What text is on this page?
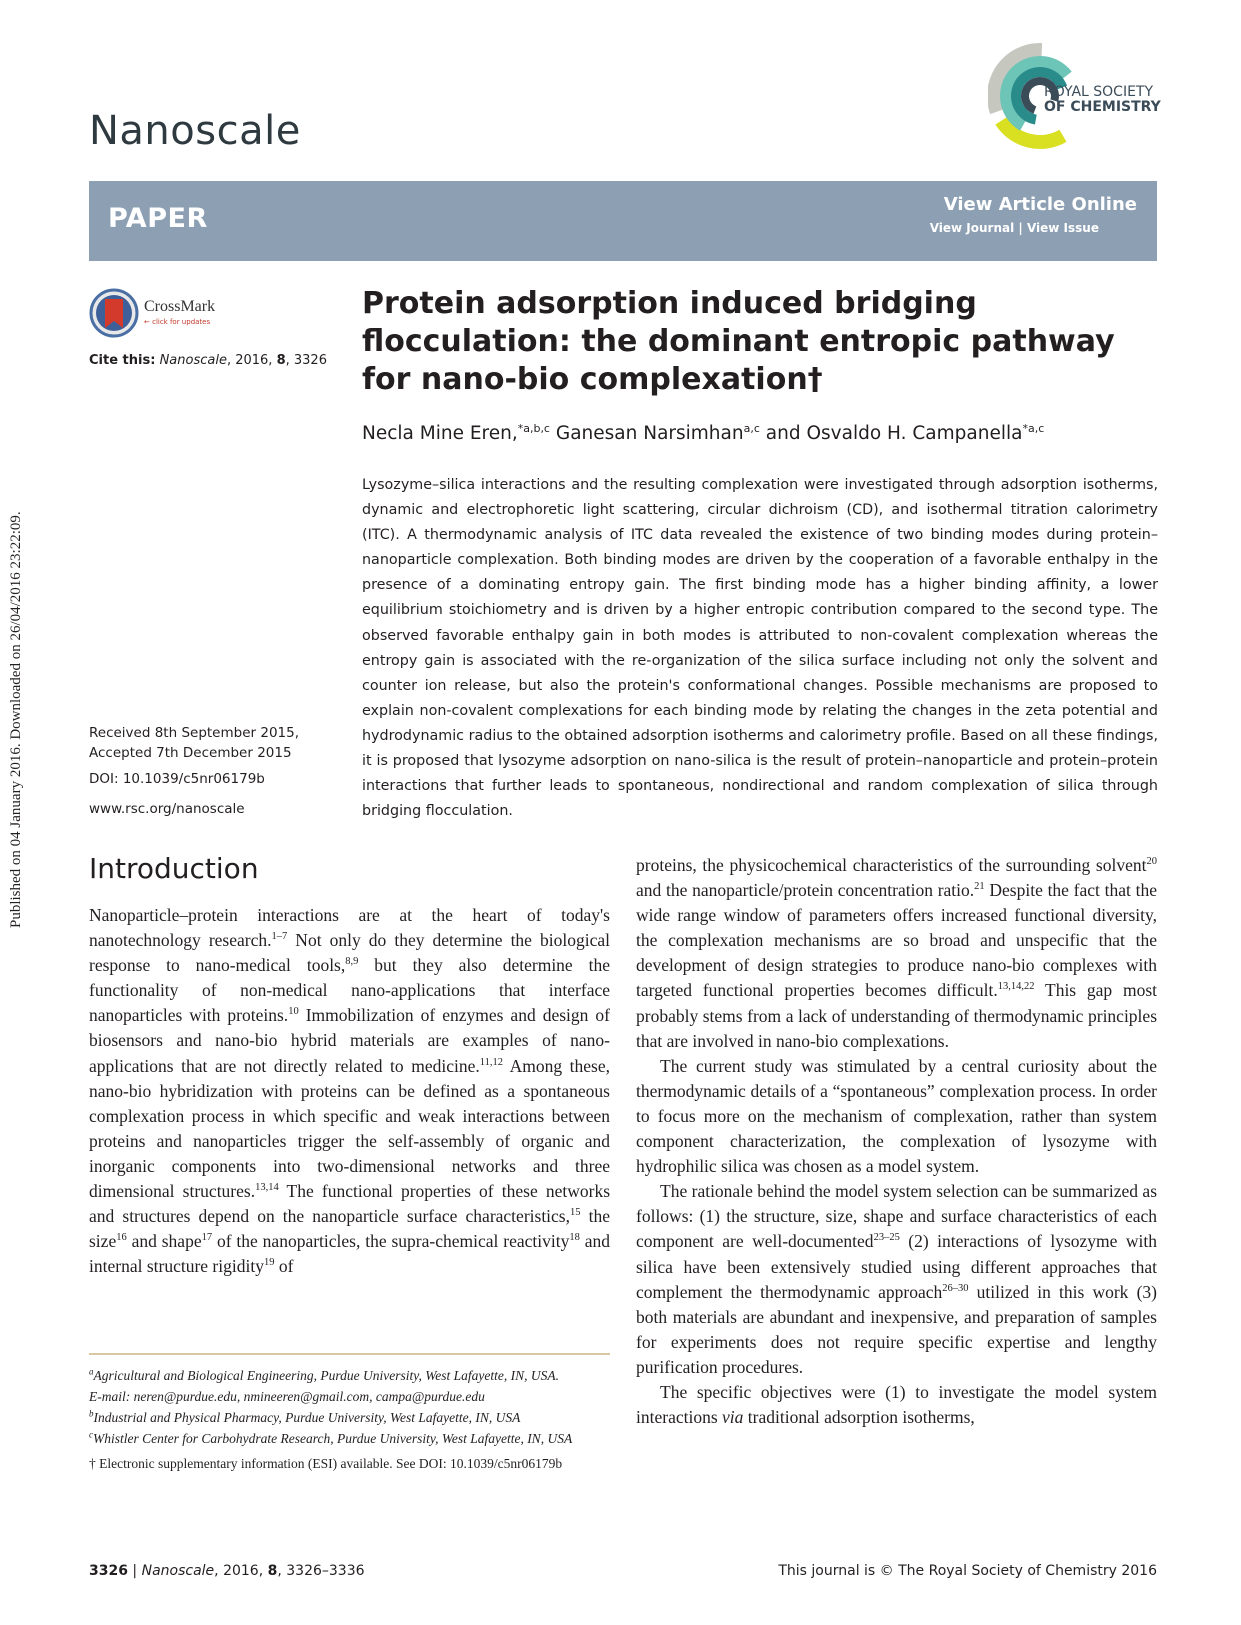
Published on 04 January 2016. Downloaded on 26/04/2016 23:22:09.
Nanoscale
ROYAL SOCIETY
OF CHEMISTRY
PAPER	View Article Online
View Journal | View Issue
CrossMark
← click for updates
Cite this: Nanoscale, 2016, 8, 3326
Protein adsorption induced bridging flocculation: the dominant entropic pathway for nano-bio complexation†
Necla Mine Eren,$^{*a,b,c}$ Ganesan Narsimhan$^{a,c}$ and Osvaldo H. Campanella$^{*a,c}$

Lysozyme–silica interactions and the resulting complexation were investigated through adsorption isotherms, dynamic and electrophoretic light scattering, circular dichroism (CD), and isothermal titration calorimetry (ITC). A thermodynamic analysis of ITC data revealed the existence of two binding modes during protein–nanoparticle complexation. Both binding modes are driven by the cooperation of a favorable enthalpy in the presence of a dominating entropy gain. The first binding mode has a higher binding affinity, a lower equilibrium stoichiometry and is driven by a higher entropic contribution compared to the second type. The observed favorable enthalpy gain in both modes is attributed to non-covalent complexation whereas the entropy gain is associated with the re-organization of the silica surface including not only the solvent and counter ion release, but also the protein's conformational changes. Possible mechanisms are proposed to explain non-covalent complexations for each binding mode by relating the changes in the zeta potential and hydrodynamic radius to the obtained adsorption isotherms and calorimetry profile. Based on all these findings, it is proposed that lysozyme adsorption on nano-silica is the result of protein–nanoparticle and protein–protein interactions that further leads to spontaneous, nondirectional and random complexation of silica through bridging flocculation.

Received 8th September 2015,
Accepted 7th December 2015
DOI: 10.1039/c5nr06179b
www.rsc.org/nanoscale
Introduction

Nanoparticle–protein interactions are at the heart of today's nanotechnology research.$^{1-7}$ Not only do they determine the biological response to nano-medical tools,$^{8,9}$ but they also determine the functionality of non-medical nano-applications that interface nanoparticles with proteins.$^{10}$ Immobilization of enzymes and design of biosensors and nano-bio hybrid materials are examples of nano-applications that are not directly related to medicine.$^{11,12}$ Among these, nano-bio hybridization with proteins can be defined as a spontaneous complexation process in which specific and weak interactions between proteins and nanoparticles trigger the self-assembly of organic and inorganic components into two-dimensional networks and three dimensional structures.$^{13,14}$ The functional properties of these networks and structures depend on the nanoparticle surface characteristics,$^{15}$ the size$^{16}$ and shape$^{17}$ of the nanoparticles, the supra-chemical reactivity$^{18}$ and internal structure rigidity$^{19}$ of

proteins, the physicochemical characteristics of the surrounding solvent$^{20}$ and the nanoparticle/protein concentration ratio.$^{21}$ Despite the fact that the wide range window of parameters offers increased functional diversity, the complexation mechanisms are so broad and unspecific that the development of design strategies to produce nano-bio complexes with targeted functional properties becomes difficult.$^{13,14,22}$ This gap most probably stems from a lack of understanding of thermodynamic principles that are involved in nano-bio complexations.

The current study was stimulated by a central curiosity about the thermodynamic details of a “spontaneous” complexation process. In order to focus more on the mechanism of complexation, rather than system component characterization, the complexation of lysozyme with hydrophilic silica was chosen as a model system.

The rationale behind the model system selection can be summarized as follows: (1) the structure, size, shape and surface characteristics of each component are well-documented$^{23-25}$ (2) interactions of lysozyme with silica have been extensively studied using different approaches that complement the thermodynamic approach$^{26-30}$ utilized in this work (3) both materials are abundant and inexpensive, and preparation of samples for experiments does not require specific expertise and lengthy purification procedures.

The specific objectives were (1) to investigate the model system interactions via traditional adsorption isotherms,

$^a$Agricultural and Biological Engineering, Purdue University, West Lafayette, IN, USA.

E-mail: neren@purdue.edu, nmineeren@gmail.com, campa@purdue.edu

$^b$Industrial and Physical Pharmacy, Purdue University, West Lafayette, IN, USA

$^c$Whistler Center for Carbohydrate Research, Purdue University, West Lafayette, IN, USA

† Electronic supplementary information (ESI) available. See DOI: 10.1039/c5nr06179b

3326 | Nanoscale, 2016, 8, 3326–3336	This journal is © The Royal Society of Chemistry 2016
